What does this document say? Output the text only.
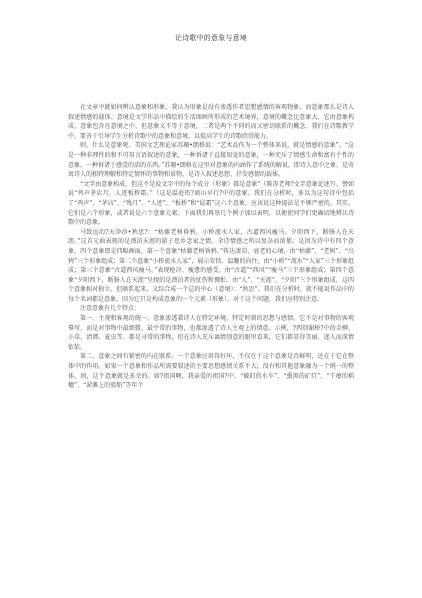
论诗歌中的意象与意境

在文章中就如何辨认意象和形象，我认为形象是没有渗透作者思想感情的客观物象，而意象那么是诗人叙述情感的载体。意境是文学作品中描绘的生活图画所形成的艺术境界，意境的概念比意象大，它由意象构成，意象包含在意境之中，但意象又不等于意境，二者是两个不同的而又密切联系的概念。我们在诗歌教学中，要善于引导学生分析诗歌中的意象和意境，以提高学生的诗歌欣赏能力。

则，什么是意象呢。美国文艺理论家苏珊•朗格说：“艺术品作为一个整体来说，就是情感的意象”。“这是一种非理性的和不可用言语叙述的意象，一种诉诸于直接知觉的意象，一种充斥了情感生命和富有个性的意象，一种诉诸于感受的活的东西。”苏珊•朗格在这里对意象的内涵作了系统的解说，即诗人意中之象，是寄寓诗人的独特理解和特定情怀的事物和景物，是诗人叙述思想、抒发感情的载体。

“文字由意象构成，但这不是说文字中的每个成分（形象）都是意象”（陈涛老师?文字意象论述?），譬如说“鸡声茅店月，人迹板桥霜。”（这是温庭筠?商山早行?中的意象。我们在分析时，多以为这句诗中包括了“鸡声”、“茅店”、“残月”、“人迹”、“板桥”和“晨霜”这六个意象，应该说这种提法是不够严密的。其实，它们是六个形象，或者说是六个意象元素。下面我们再举几个例子加以表明，以便使同学们更确切地辨认诗歌中的意象。

马致远的?天净沙•秋思?：“枯藤老树昏鸦，小桥流水人家，古道西风瘦马。夕阳西下，断肠人在天涯。”这首元曲表现的是漂泊天涯的游子思乡念家之情。全诗情感之所以复杂而浓郁，是因为诗中有四个意象，四个意象即是四幅画面，第一个意象“枯藤老树昏鸦，”传达凄凉、衰老的心境，由“枯藤”、“老树”、“乌鸦”三个形象组成；第二个意象“小桥流水人家”，展示安恬、温馨的向往，由“小桥”“流水”“人家”三个形象组成；第三个意象“古道西风瘦马，”表现枪冷、瘦惫的感受，由“古道”“西风”“瘦马”三个形象组成；第四个意象“夕阳西下，断肠人在天涯”呈现的是漂泊者的忧伤和惆怅，由“人”、“天涯”、“夕阳”三个形象组成，这四个意象相对独立，但联系起来，又综合成一个总的中心（意境）：“秋思”。我们在分析时，就不能说作品中的每个名词都是意象，因为它只是构成意象的一个元素（形象），对于这个问题，我们应特别注意。

注意意象有几个特点：

第一，主观和客观的统一。意象渗透着诗人在特定环境，特定时刻的思想与感情，它不是对事物的客观摹写，而是对事物中最细微、最平常的事物，也都渗透了诗人主观上的情意。示例，?西别谢桥?中的金柳、小草、清潭、夏虫等，都是寻常的事物，但在诗人充斥离情别意的眼里看来，它们都显得美丽、迷人而深情依依。

第二，意象之间有紧密的内在联系。一个意象应用得好坏，不仅在于这个意象是否鲜明，还在于它在整体中的作用。如果一个意象和作品所需要叙述的主要思想感情关系不大，没有和其他意象融为一个统一的整体，则，这个意象就是多余的。如?祖国啊，我亲爱的祖国?中，“破旧的水车”、“熏黑的矿灯”、“干瘪的稻穗”、“淤滩上的驳船”等年个
